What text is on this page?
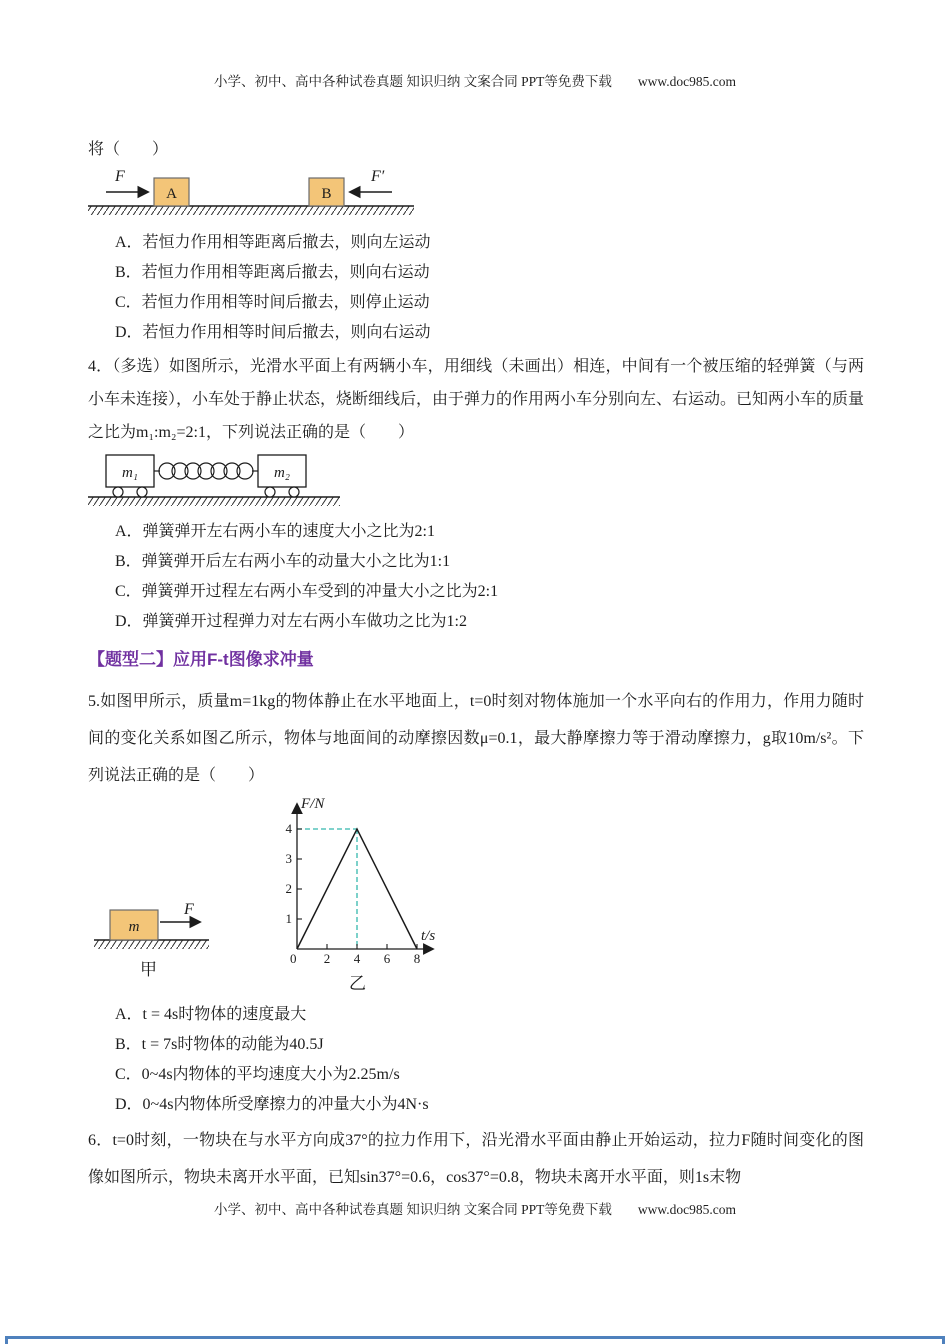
小学、初中、高中各种试卷真题 知识归纳 文案合同 PPT等免费下载 www.doc985.com

将（　　）

F
A	B
F′

A．若恒力作用相等距离后撤去，则向左运动

B．若恒力作用相等距离后撤去，则向右运动

C．若恒力作用相等时间后撤去，则停止运动

D．若恒力作用相等时间后撤去，则向右运动

4．（多选）如图所示，光滑水平面上有两辆小车，用细线（未画出）相连，中间有一个被压缩的轻弹簧（与两小车未连接），小车处于静止状态，烧断细线后，由于弹力的作用两小车分别向左、右运动。已知两小车的质量之比为m₁:m₂=2:1，下列说法正确的是（　　）

m₁	m₂

A．弹簧弹开左右两小车的速度大小之比为2:1

B．弹簧弹开后左右两小车的动量大小之比为1:1

C．弹簧弹开过程左右两小车受到的冲量大小之比为2:1

D．弹簧弹开过程弹力对左右两小车做功之比为1:2

【题型二】应用F-t图像求冲量

5.如图甲所示，质量m=1kg的物体静止在水平地面上，t=0时刻对物体施加一个水平向右的作用力，作用力随时间的变化关系如图乙所示，物体与地面间的动摩擦因数μ=0.1，最大静摩擦力等于滑动摩擦力，g取10m/s²。下列说法正确的是（　　）

m
F
甲
F/N
t/s
4
3
2
1
0 2 4 6 8
乙

A．t = 4s时物体的速度最大

B．t = 7s时物体的动能为40.5J

C．0~4s内物体的平均速度大小为2.25m/s

D．0~4s内物体所受摩擦力的冲量大小为4N·s

6．t=0时刻，一物块在与水平方向成37°的拉力作用下，沿光滑水平面由静止开始运动，拉力F随时间变化的图像如图所示，物块未离开水平面，已知sin37°=0.6，cos37°=0.8，物块未离开水平面，则1s末物

小学、初中、高中各种试卷真题 知识归纳 文案合同 PPT等免费下载 www.doc985.com
